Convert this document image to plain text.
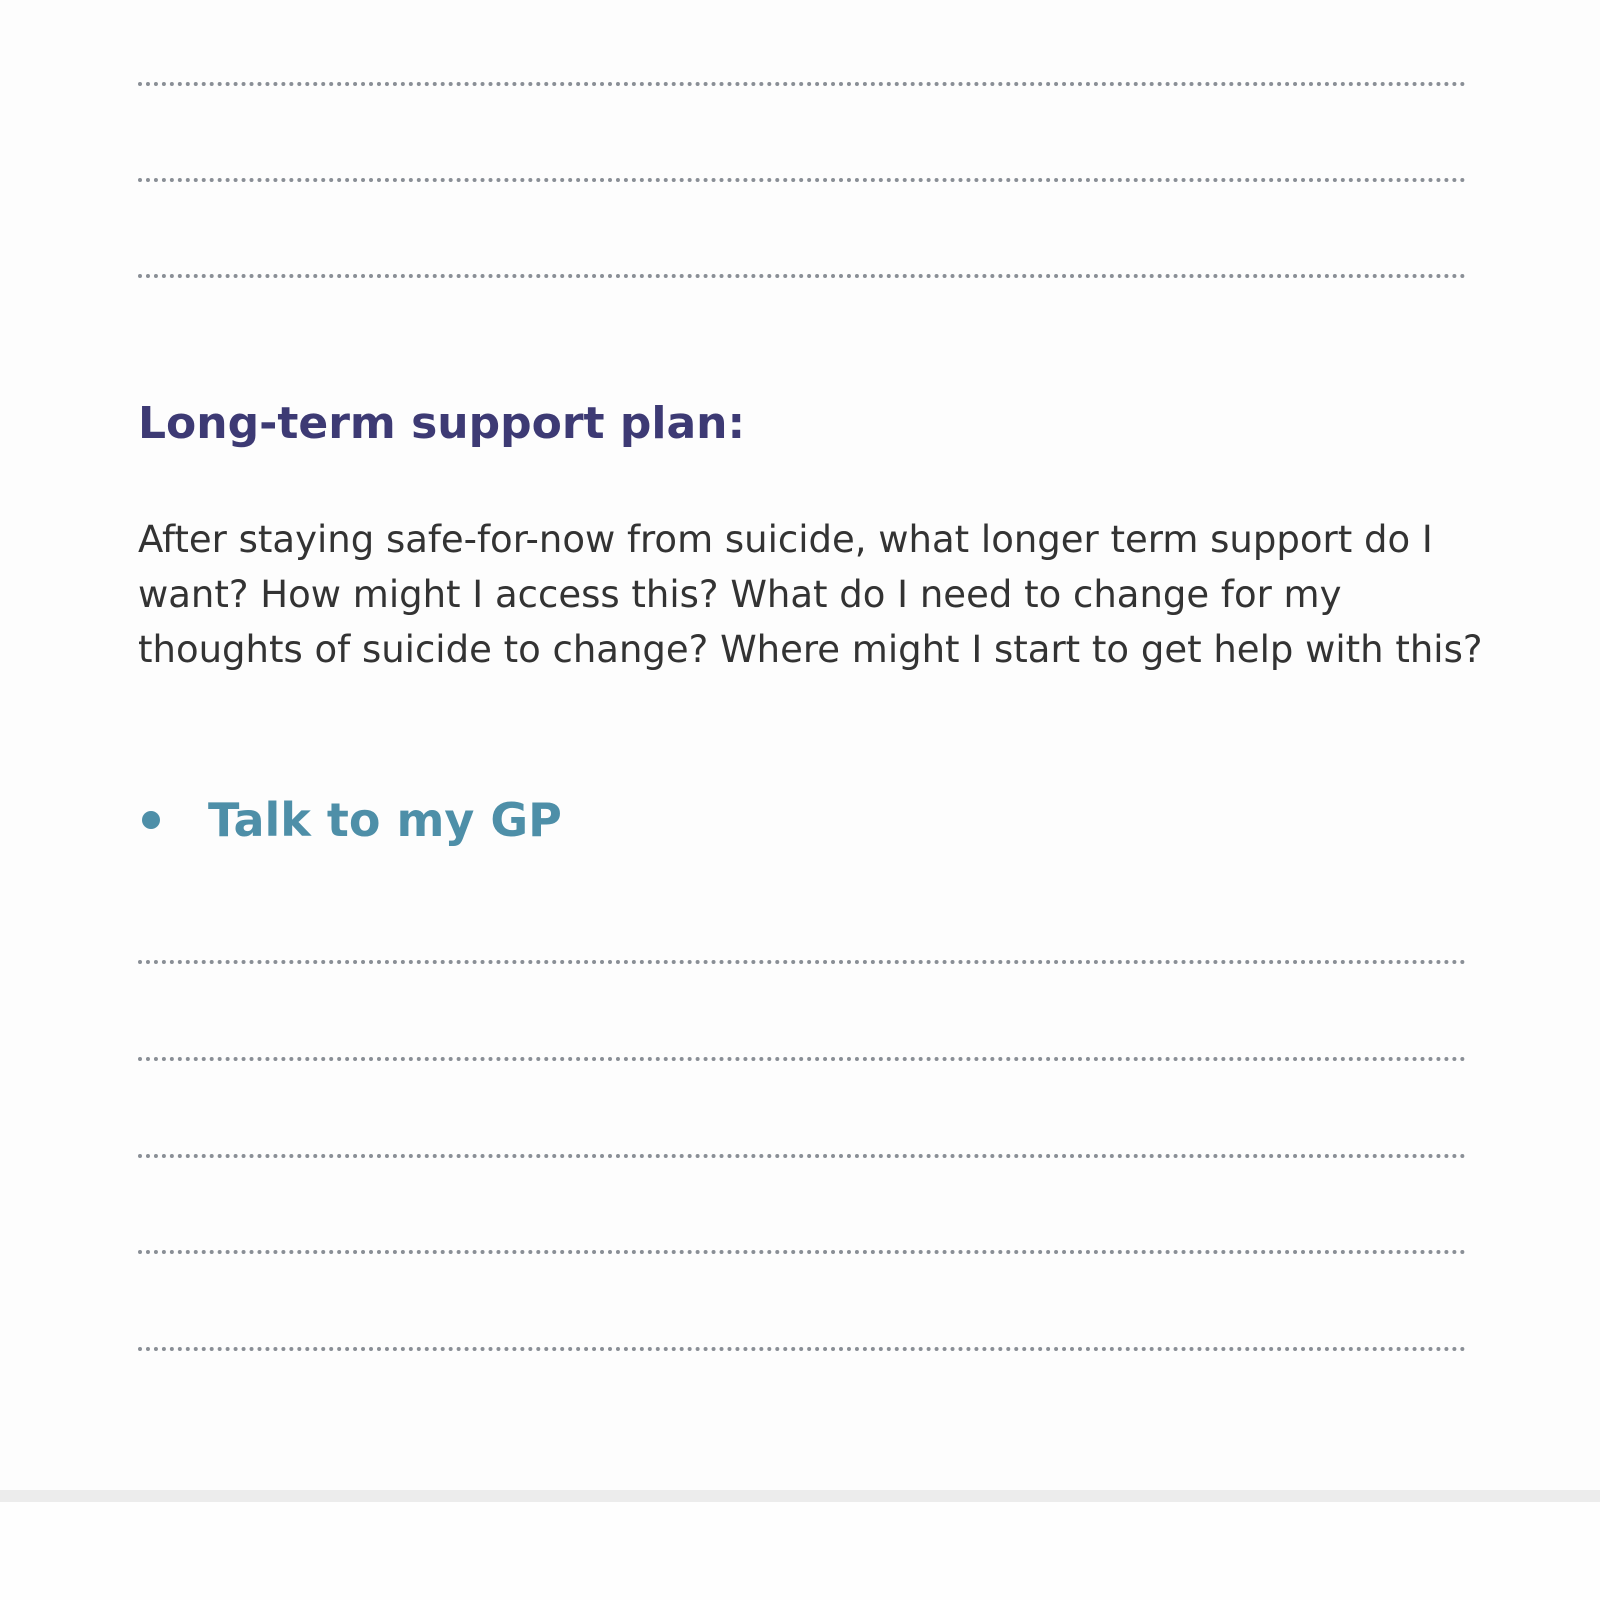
Long-term support plan:

After staying safe-for-now from suicide, what longer term support do I want? How might I access this? What do I need to change for my thoughts of suicide to change? Where might I start to get help with this?

Talk to my GP
